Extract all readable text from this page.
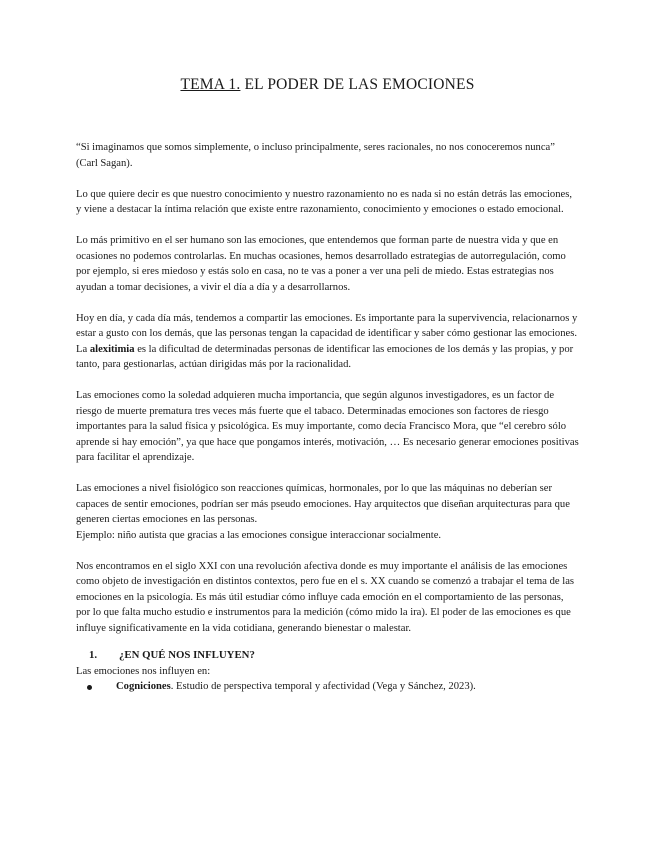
TEMA 1. EL PODER DE LAS EMOCIONES

“Si imaginamos que somos simplemente, o incluso principalmente, seres racionales, no nos conoceremos nunca” (Carl Sagan).

Lo que quiere decir es que nuestro conocimiento y nuestro razonamiento no es nada si no están detrás las emociones, y viene a destacar la íntima relación que existe entre razonamiento, conocimiento y emociones o estado emocional.

Lo más primitivo en el ser humano son las emociones, que entendemos que forman parte de nuestra vida y que en ocasiones no podemos controlarlas. En muchas ocasiones, hemos desarrollado estrategias de autorregulación, como por ejemplo, si eres miedoso y estás solo en casa, no te vas a poner a ver una peli de miedo. Estas estrategias nos ayudan a tomar decisiones, a vivir el día a día y a desarrollarnos.

Hoy en día, y cada día más, tendemos a compartir las emociones. Es importante para la supervivencia, relacionarnos y estar a gusto con los demás, que las personas tengan la capacidad de identificar y saber cómo gestionar las emociones.

La alexitimia es la dificultad de determinadas personas de identificar las emociones de los demás y las propias, y por tanto, para gestionarlas, actúan dirigidas más por la racionalidad.

Las emociones como la soledad adquieren mucha importancia, que según algunos investigadores, es un factor de riesgo de muerte prematura tres veces más fuerte que el tabaco. Determinadas emociones son factores de riesgo importantes para la salud física y psicológica. Es muy importante, como decía Francisco Mora, que “el cerebro sólo aprende si hay emoción”, ya que hace que pongamos interés, motivación, … Es necesario generar emociones positivas para facilitar el aprendizaje.

Las emociones a nivel fisiológico son reacciones químicas, hormonales, por lo que las máquinas no deberían ser capaces de sentir emociones, podrían ser más pseudo emociones. Hay arquitectos que diseñan arquitecturas para que generen ciertas emociones en las personas.

Ejemplo: niño autista que gracias a las emociones consigue interaccionar socialmente.

Nos encontramos en el siglo XXI con una revolución afectiva donde es muy importante el análisis de las emociones como objeto de investigación en distintos contextos, pero fue en el s. XX cuando se comenzó a trabajar el tema de las emociones en la psicología. Es más útil estudiar cómo influye cada emoción en el comportamiento de las personas, por lo que falta mucho estudio e instrumentos para la medición (cómo mido la ira). El poder de las emociones es que influye significativamente en la vida cotidiana, generando bienestar o malestar.

1. ¿EN QUÉ NOS INFLUYEN?
Las emociones nos influyen en:
Cogniciones. Estudio de perspectiva temporal y afectividad (Vega y Sánchez, 2023).
